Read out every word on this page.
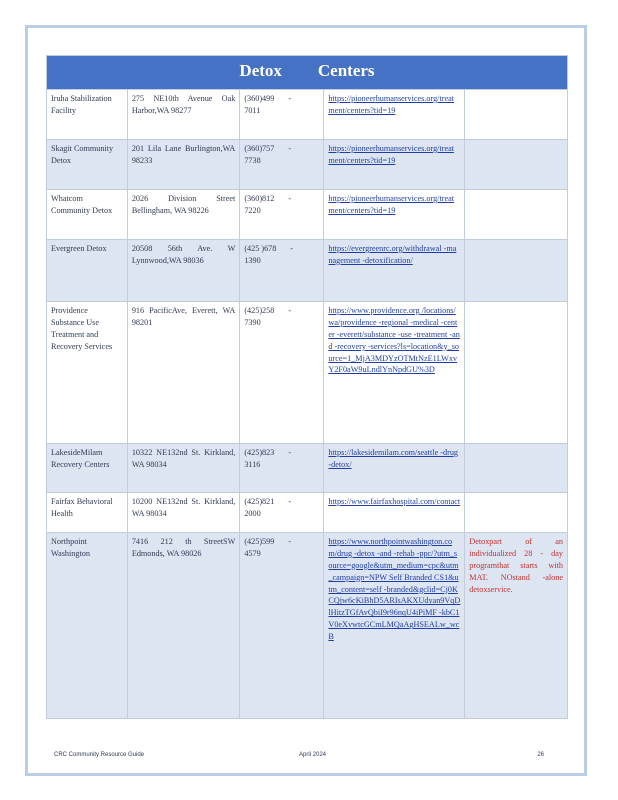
Detox Centers				
Iruha Stabilization Facility	275 NE10th Avenue Oak Harbor,WA 98277	(360)499 -7011	https://pioneerhumanservices.org/treatment/centers?tid=19	
Skagit Community Detox	201 Lila Lane Burlington,WA 98233	(360)757 -7738	https://pioneerhumanservices.org/treatment/centers?tid=19	
Whatcom Community Detox	2026 Division Street Bellingham, WA 98226	(360)812 -7220	https://pioneerhumanservices.org/treatment/centers?tid=19	
Evergreen Detox	20508 56th Ave. W Lynnwood,WA 98036	(425 )678 -1390	https://evergreenrc.org/withdrawal -management -detoxification/	
Providence Substance Use Treatment and Recovery Services	916 PacificAve, Everett, WA 98201	(425)258 -7390	https://www.providence.org /locations/wa/providence -regional -medical -center -everett/substance -use -treatment -and -recovery -services?ls=location&y_source=1_MjA3MDYzOTMtNzE1LWxvY2F0aW9uLndlYnNpdGU%3D	
LakesideMilam Recovery Centers	10322 NE132nd St. Kirkland, WA 98034	(425)823 -3116	https://lakesidemilam.com/seattle -drug -detox/	
Fairfax Behavioral Health	10200 NE132nd St. Kirkland, WA 98034	(425)821 -2000	https://www.fairfaxhospital.com/contact	
Northpoint Washington	7416 212 th StreetSW Edmonds, WA 98026	(425)599 -4579	https://www.northpointwashington.com/drug -detox -and -rehab -ppc/?utm_source=google&utm_medium=cpc&utm_campaign=NPW Self Branded CS1&utm_content=self -branded&gclid=Cj0KCQjw6cKiBhD5ARIsAKXUdyan9VqDlHitzTGfAvQbiI9r96nqU4iPiMF -kbC1V0eXvwtcGCmLMQaAgHSEALw_wcB	Detoxpart of an individualized 28 - day programthat starts with MAT. NOstand -alone detoxservice.
CRC Community Resource Guide	April 2024	26
